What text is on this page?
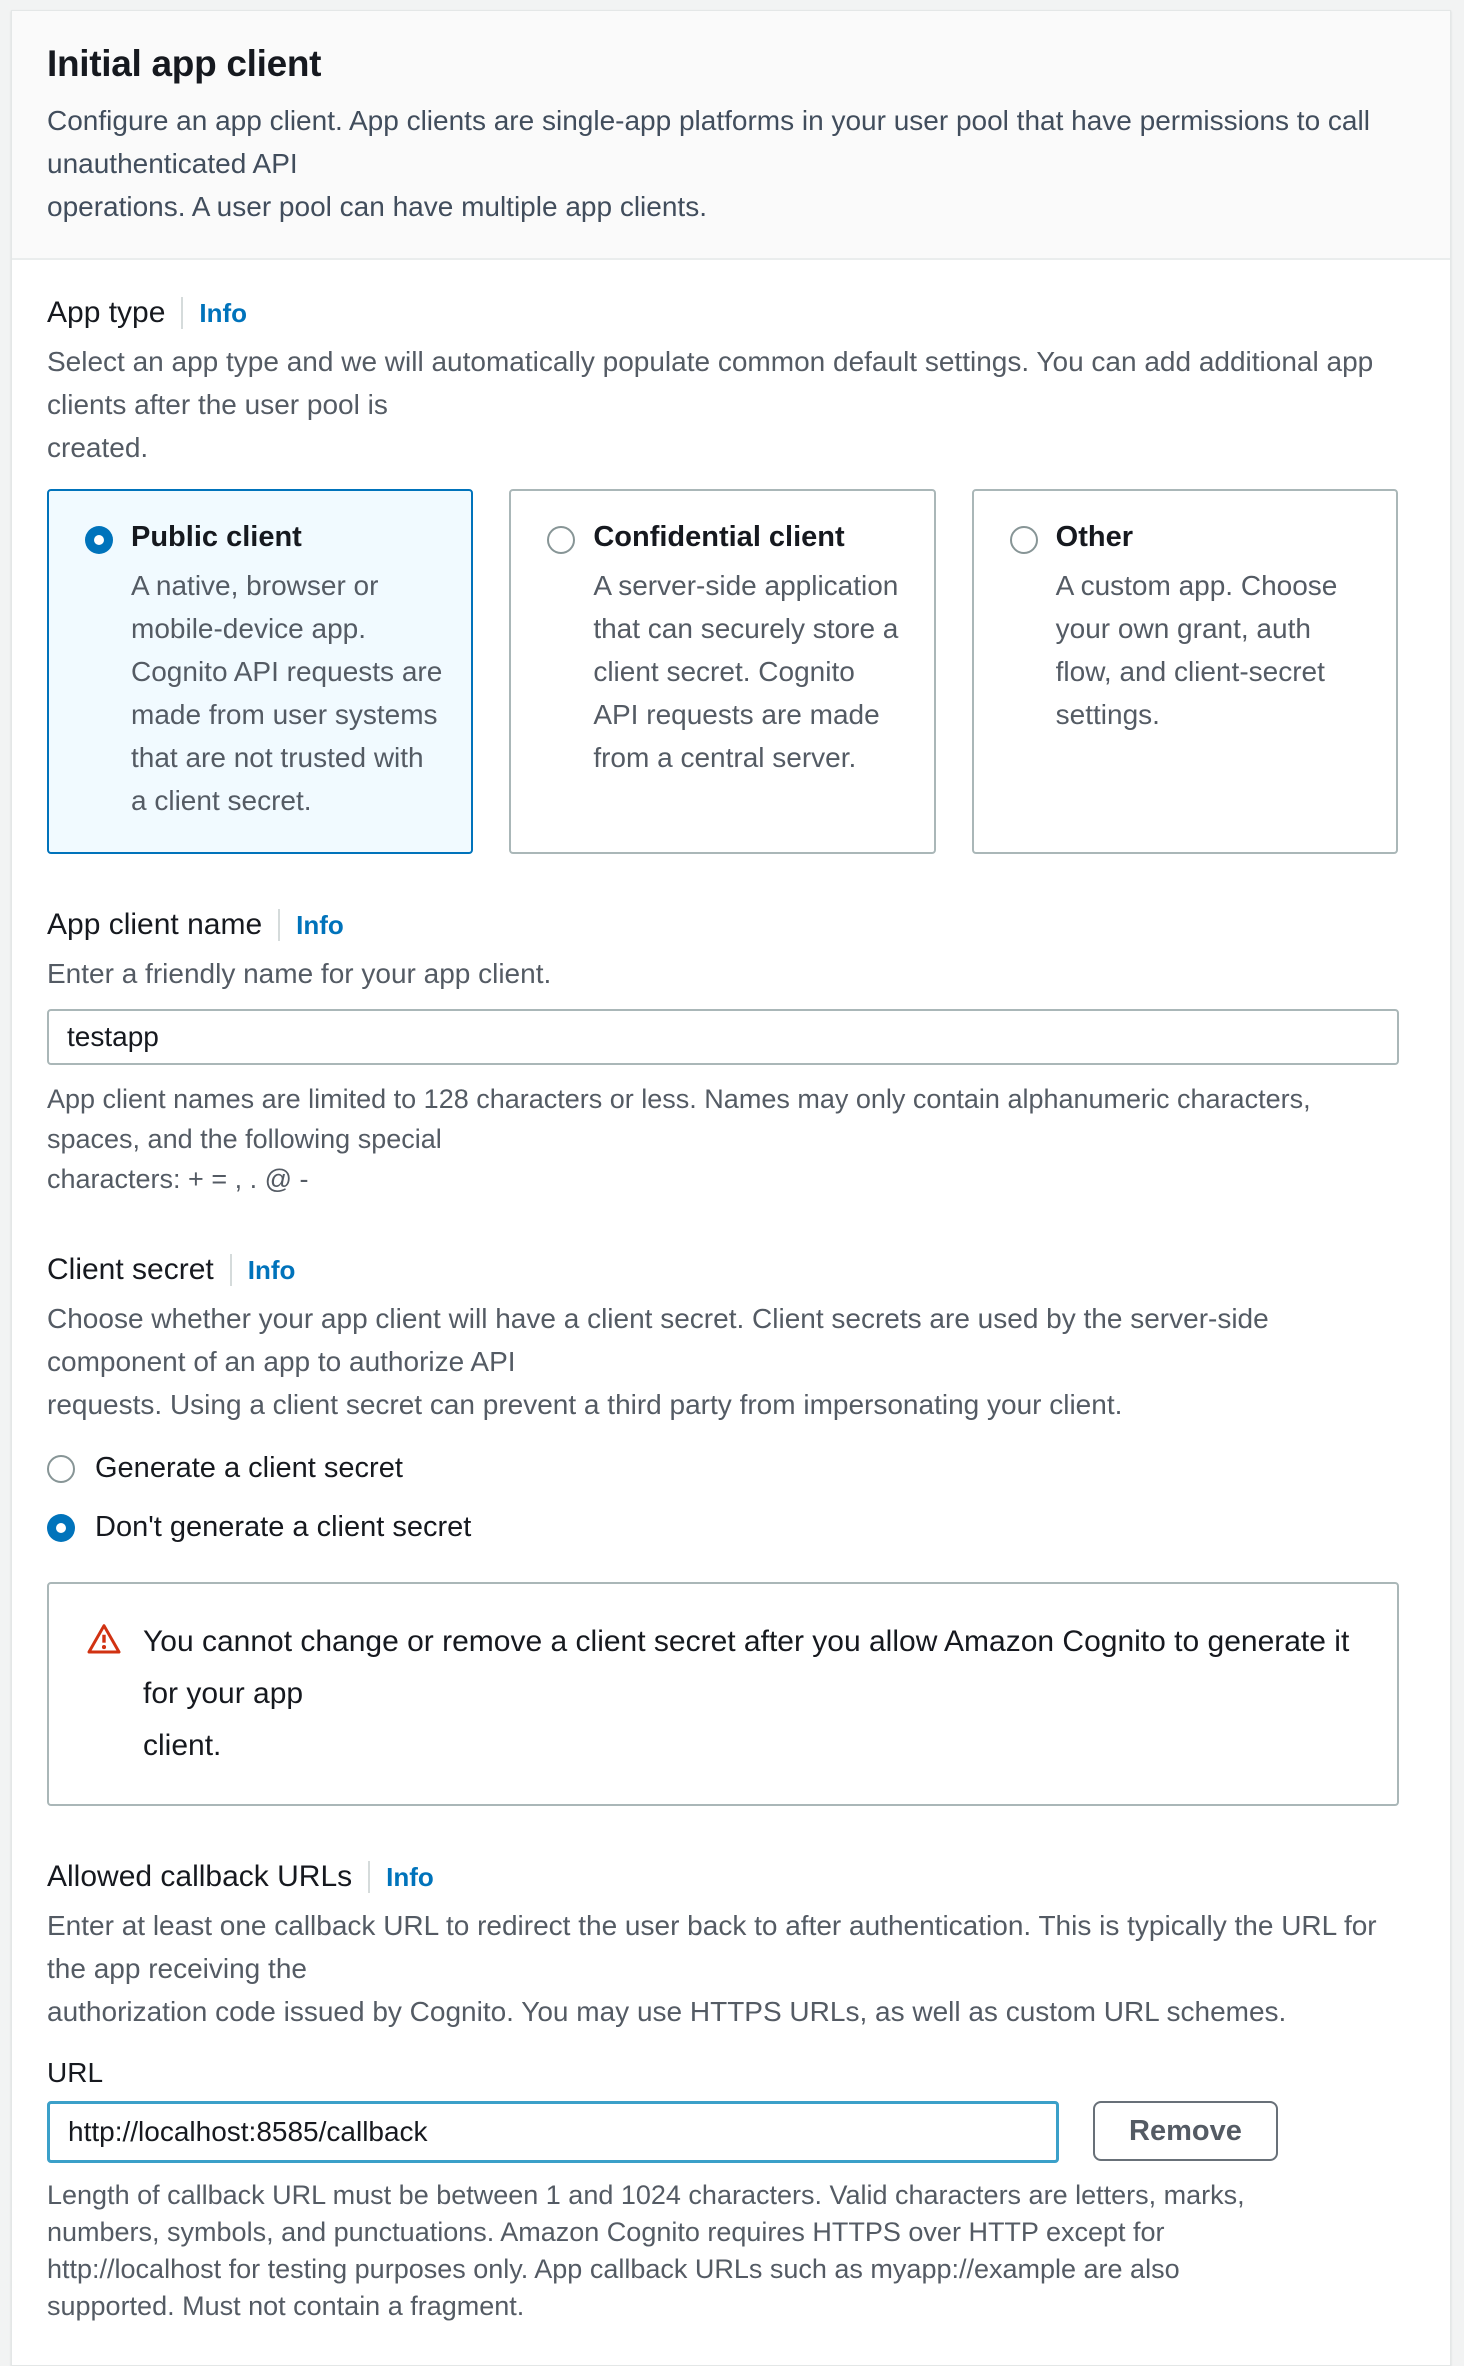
Initial app client
Configure an app client. App clients are single-app platforms in your user pool that have permissions to call unauthenticated API
operations. A user pool can have multiple app clients.
App type Info
Select an app type and we will automatically populate common default settings. You can add additional app clients after the user pool is
created.
Public client
A native, browser or mobile-device app. Cognito API requests are made from user systems that are not trusted with a client secret.
Confidential client
A server-side application that can securely store a client secret. Cognito API requests are made from a central server.
Other
A custom app. Choose your own grant, auth flow, and client-secret settings.
App client name Info
Enter a friendly name for your app client.
testapp
App client names are limited to 128 characters or less. Names may only contain alphanumeric characters, spaces, and the following special
characters: + = , . @ -
Client secret Info
Choose whether your app client will have a client secret. Client secrets are used by the server-side component of an app to authorize API
requests. Using a client secret can prevent a third party from impersonating your client.
Generate a client secret
Don't generate a client secret
You cannot change or remove a client secret after you allow Amazon Cognito to generate it for your app
client.
Allowed callback URLs Info
Enter at least one callback URL to redirect the user back to after authentication. This is typically the URL for the app receiving the
authorization code issued by Cognito. You may use HTTPS URLs, as well as custom URL schemes.
URL
http://localhost:8585/callback
Remove
Length of callback URL must be between 1 and 1024 characters. Valid characters are letters, marks,
numbers, symbols, and punctuations. Amazon Cognito requires HTTPS over HTTP except for
http://localhost for testing purposes only. App callback URLs such as myapp://example are also
supported. Must not contain a fragment.
